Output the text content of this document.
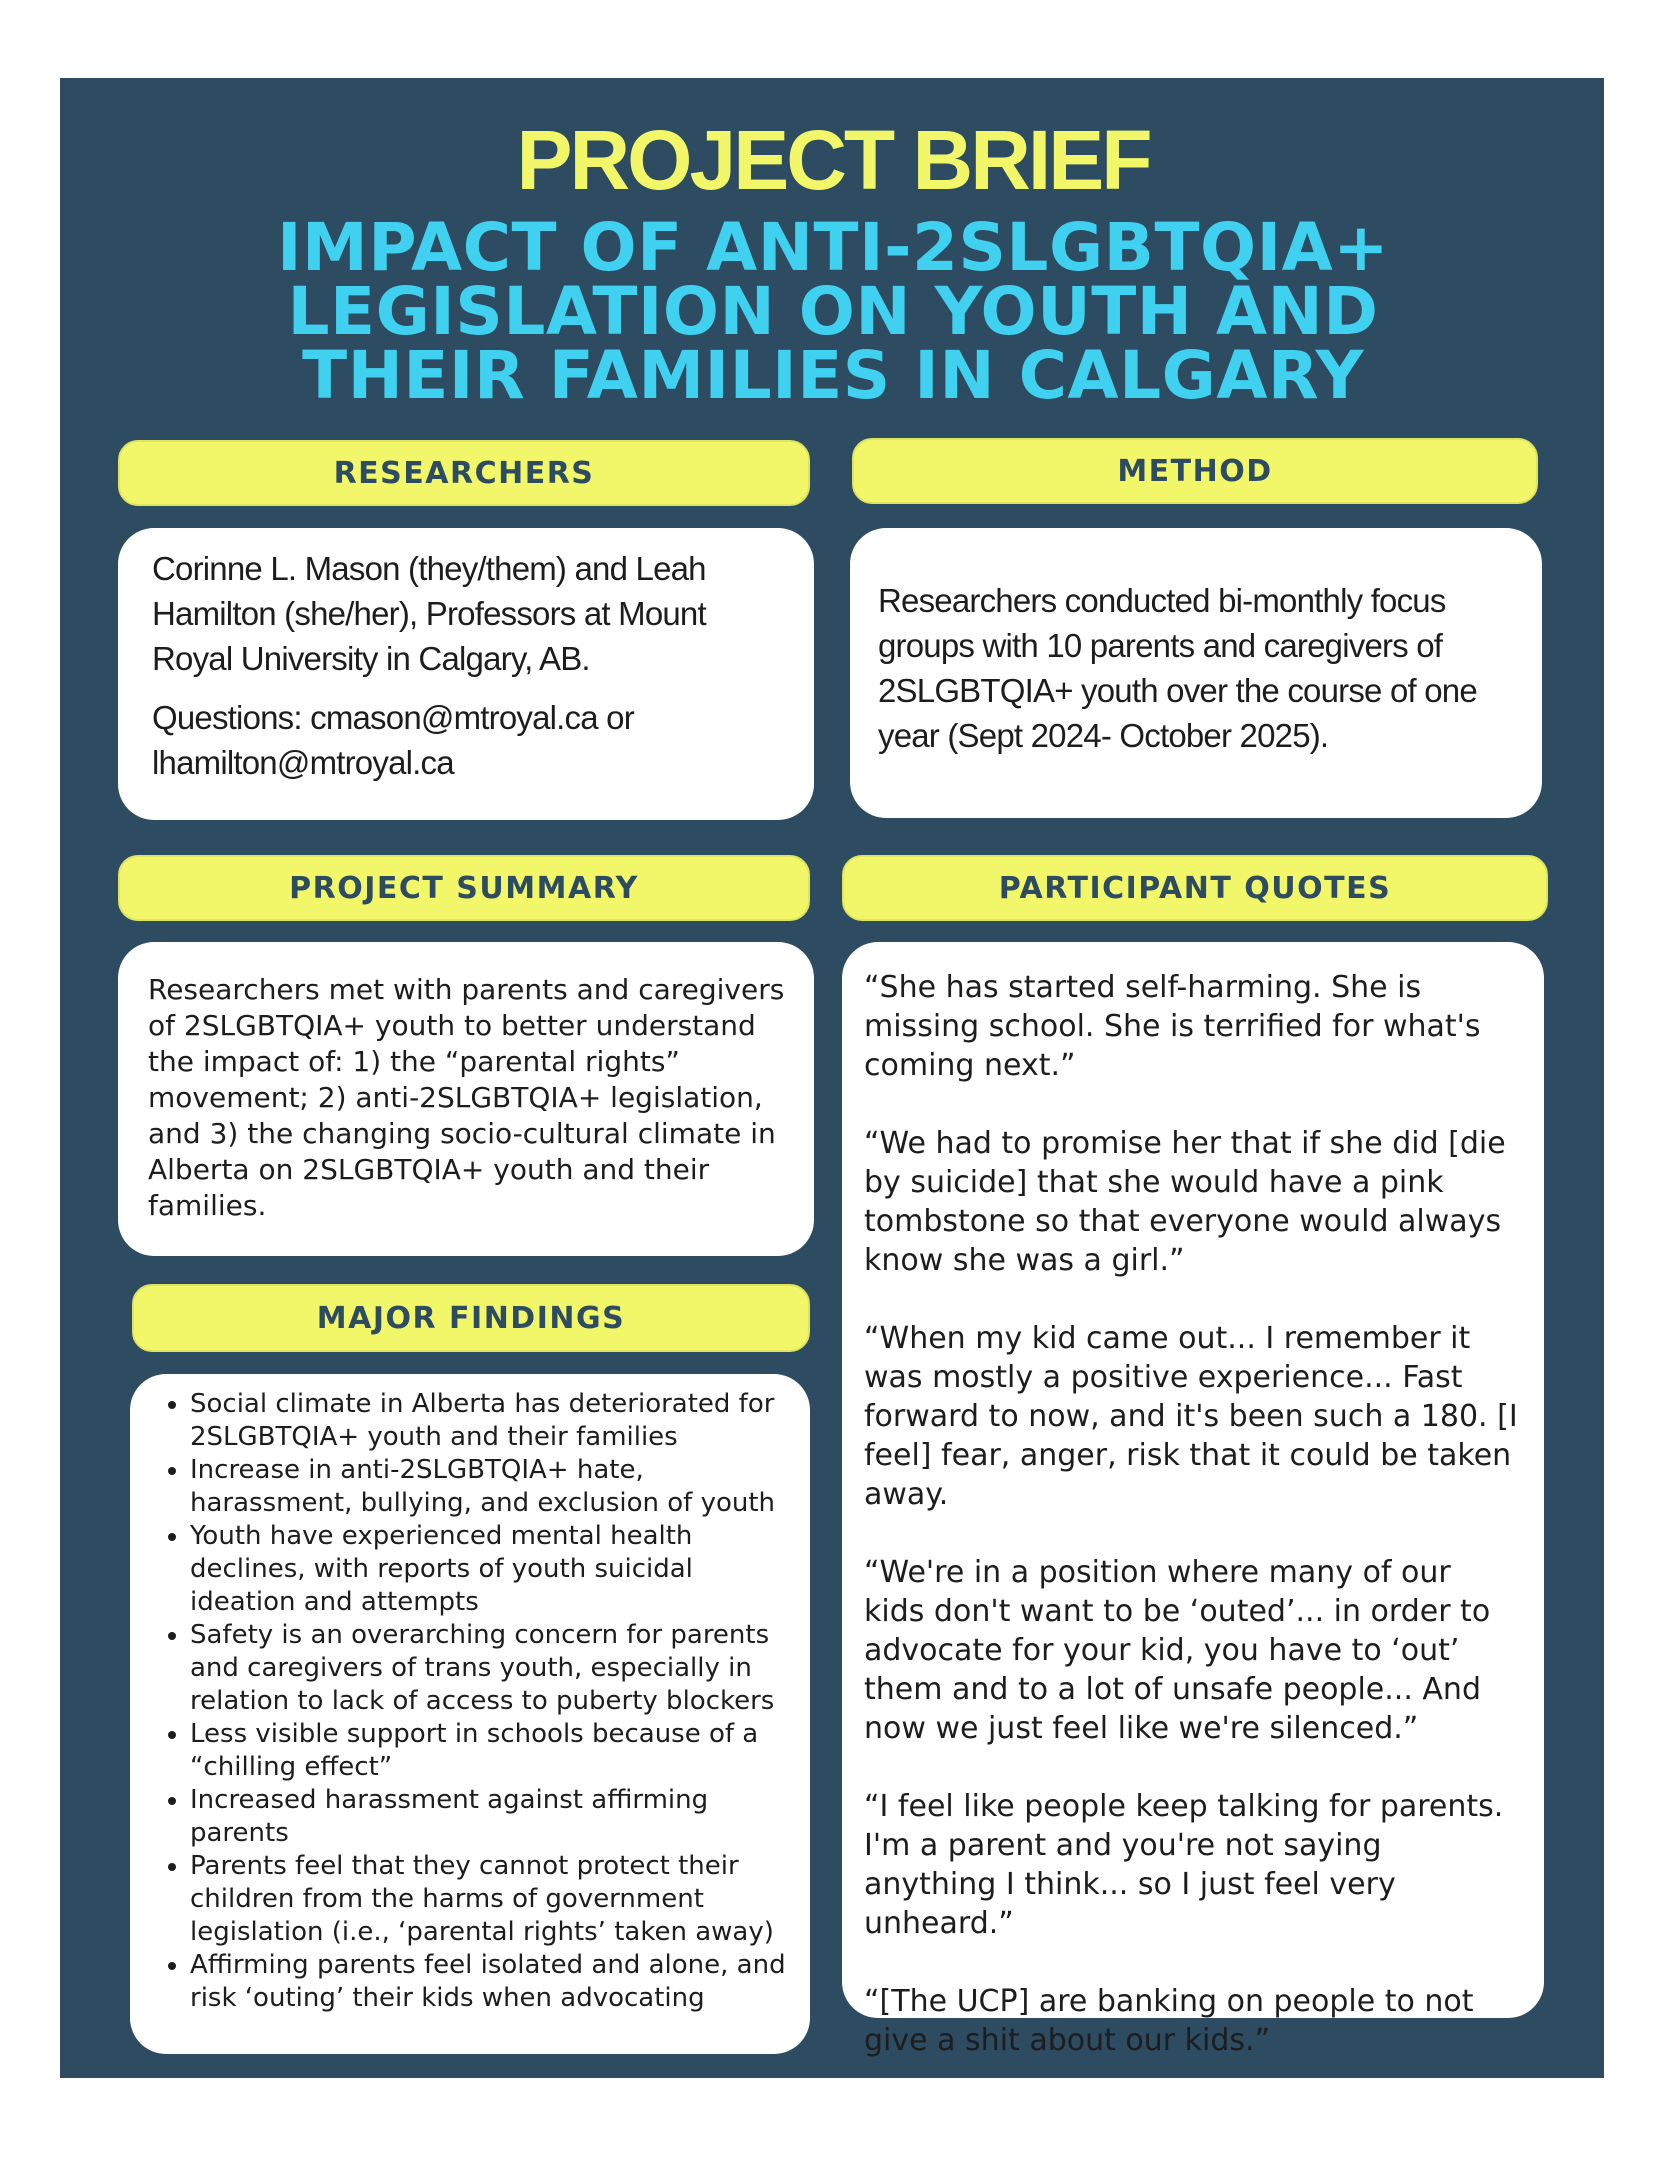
PROJECT BRIEF
IMPACT OF ANTI-2SLGBTQIA+ LEGISLATION ON YOUTH AND THEIR FAMILIES IN CALGARY
RESEARCHERS

Corinne L. Mason (they/them) and Leah Hamilton (she/her), Professors at Mount Royal University in Calgary, AB.

Questions: cmason@mtroyal.ca or lhamilton@mtroyal.ca

METHOD

Researchers conducted bi-monthly focus groups with 10 parents and caregivers of 2SLGBTQIA+ youth over the course of one year (Sept 2024- October 2025).

PROJECT SUMMARY

Researchers met with parents and caregivers of 2SLGBTQIA+ youth to better understand the impact of: 1) the “parental rights” movement; 2) anti-2SLGBTQIA+ legislation, and 3) the changing socio-cultural climate in Alberta on 2SLGBTQIA+ youth and their families.

MAJOR FINDINGS
• Social climate in Alberta has deteriorated for 2SLGBTQIA+ youth and their families
• Increase in anti-2SLGBTQIA+ hate, harassment, bullying, and exclusion of youth
• Youth have experienced mental health declines, with reports of youth suicidal ideation and attempts
• Safety is an overarching concern for parents and caregivers of trans youth, especially in relation to lack of access to puberty blockers
• Less visible support in schools because of a “chilling effect”
• Increased harassment against affirming parents
• Parents feel that they cannot protect their children from the harms of government legislation (i.e., ‘parental rights’ taken away)
• Affirming parents feel isolated and alone, and risk ‘outing’ their kids when advocating
PARTICIPANT QUOTES

“She has started self-harming. She is missing school. She is terrified for what's coming next.”

“We had to promise her that if she did [die by suicide] that she would have a pink tombstone so that everyone would always know she was a girl.”

“When my kid came out... I remember it was mostly a positive experience... Fast forward to now, and it's been such a 180. [I feel] fear, anger, risk that it could be taken away.

“We're in a position where many of our kids don't want to be ‘outed’... in order to advocate for your kid, you have to ‘out’ them and to a lot of unsafe people... And now we just feel like we're silenced.”

“I feel like people keep talking for parents. I'm a parent and you're not saying anything I think... so I just feel very unheard.”

“[The UCP] are banking on people to not give a shit about our kids.”
